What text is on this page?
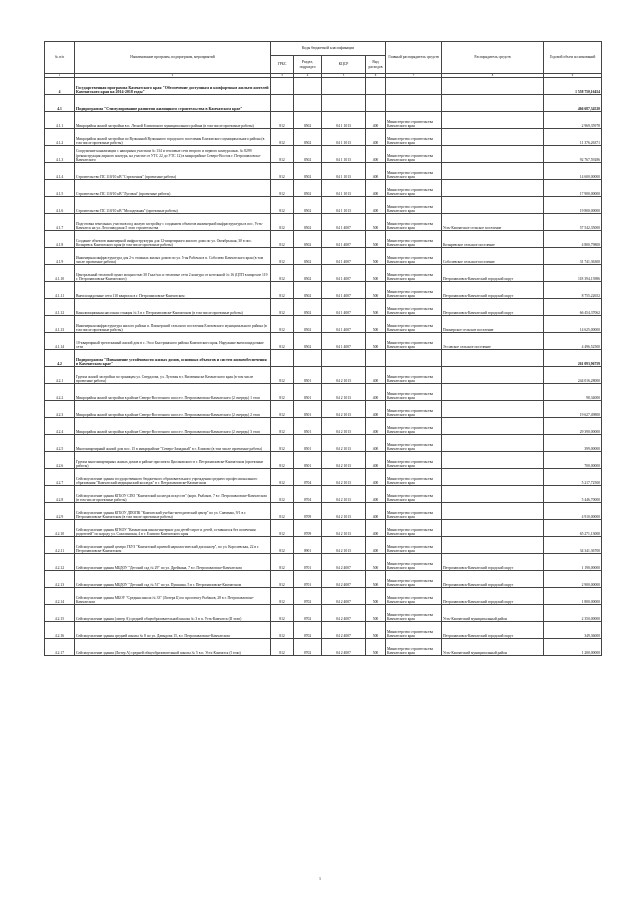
№ п/п	Наименование программ, подпрограмм, мероприятий	Коды бюджетной классификации				Главный распорядитель средств	Распорядитель средств	Годовой объем ассигнований
		ГРБС	Раздел, подраздел	КЦСР	Вид расходов			
1	2	3	4	5	6	7	8	9
4	Государственная программа Камчатского края "Обеспечение доступным и комфортным жильем жителей Камчатского края на 2014-2018 годы"							1 558 750,16454
4.1	Подпрограмма "Стимулирование развития жилищного строительства в Камчатском крае"							466 687,34520
4.1.1	Микрорайон жилой застройки в п. Лесной Елизовского муниципального района (в том числе проектные работы)	812	0502	04 1 1013	400	Министерство строительства Камчатского края		2 969,35978
4.1.2	Микрорайон жилой застройки по Вулканной Вулканного городского поселения Елизовского муниципального района (в том числе проектные работы)	812	0502	04 1 1013	400	Министерство строительства Камчатского края		11 376,26371
4.1.3	Сооружение канализации с напорным участком № 134 и тепловые сети второго и первого контура инж. № 8299 (реконструкция лирного контура, на участке от УТС 22 до УТС 12) в микрорайоне Северо-Восток г. Петропавловска-Камчатского	812	0502	04 1 1013	400	Министерство строительства Камчатского края		92 767,59286
4.1.4	Строительство ПС 110/10 кВ "Стрелочная" (проектные работы)	812	0502	04 1 1013	400	Министерство строительства Камчатского края		14 600,00000
4.1.5	Строительство ПС 110/10 кВ "Луговая" (проектные работы)	812	0502	04 1 1013	400	Министерство строительства Камчатского края		17 900,00000
4.1.6	Строительство ПС 110/10 кВ "Молодежная" (проектные работы)	812	0502	04 1 1013	400	Министерство строительства Камчатского края		19 800,00000
4.1.7	Подготовка земельных участков под жилую застройку с созданием объектов инженерной инфраструктуры в пос. Усть-Камчатск на ул. Лесозаводская 5 этап строительства	812	0502	04 1 4007	500	Министерство строительства Камчатского края	Усть-Камчатское сельское поселение	57 542,35000
4.1.8	Создание объектов инженерной инфраструктуры для 12-квартирного жилого дома по ул. Октябрьская, 30 в пос. Козыревск Камчатского края (в том числе проектные работы)	812	0502	04 1 4007	500	Министерство строительства Камчатского края	Козыревское сельское поселение	4 800,79800
4.1.9	Инженерная инфраструктура для 2-х этажных жилых домов по ул. 5-ая Рабочая в п. Соболево Камчатского края (в том числе проектные работы)	812	0502	04 1 4007	500	Министерство строительства Камчатского края	Соболевское сельское поселение	31 741,36300
4.1.10	Центральный тепловой пункт мощностью 30 Гкал/час и тепловые сети 2 контура от котельной № 16 (ЦТП в квартале 119 г. Петропавловска-Камчатского)	812	0502	04 1 4007	500	Министерство строительства Камчатского края	Петропавловск-Камчатский городской округ	118 394,13986
4.1.11	Внеплощадочные сети 110 квартала в г. Петропавловске-Камчатском	812	0502	04 1 4007	500	Министерство строительства Камчатского края	Петропавловск-Камчатский городской округ	8 755,22652
4.1.12	Канализационная насосная станция № 3 в г. Петропавловске-Камчатском (в том числе проектные работы)	812	0502	04 1 4007	500	Министерство строительства Камчатского края	Петропавловск-Камчатский городской округ	66 454,37062
4.1.13	Инженерная инфраструктура жилого района п. Пионерский сельского поселения Елизовского муниципального района (в том числе проектные работы)	812	0502	04 1 4007	500	Министерство строительства Камчатского края	Пионерское сельское поселение	14 625,00000
4.1.14	10-квартирный трехэтажный жилой дом в с. Эссо Быстринского района Камчатского края. Наружные внеплощадочные сети	812	0502	04 1 4007	500	Министерство строительства Камчатского края	Эссовское сельское поселение	4 496,52500
4.2	Подпрограмма "Повышение устойчивости жилых домов, основных объектов и систем жизнеобеспечения в Камчатском крае"							261 093,96759
4.2.1	Группа жилой застройки по границам ул. Свердлова, ул. Луговая в г. Вилючинске Камчатского края (в том числе проектные работы)	812	0501	04 2 1013	400	Министерство строительства Камчатского края		244 016,28000
4.2.2	Микрорайон жилой застройки в районе Северо-Восточного шоссе г. Петропавловска-Камчатского (2 очередь) 1 этап	812	0501	04 2 1013	400	Министерство строительства Камчатского края		98,34000
4.2.3	Микрорайон жилой застройки в районе Северо-Восточного шоссе г. Петропавловска-Камчатского (2 очередь) 2 этап	812	0501	04 2 1013	400	Министерство строительства Камчатского края		19 627,49800
4.2.4	Микрорайон жилой застройки в районе Северо-Восточного шоссе г. Петропавловска-Камчатского (2 очередь) 3 этап	812	0501	04 2 1013	400	Министерство строительства Камчатского края		29 390,00000
4.2.5	Многоквартирный жилой дом пос. 15 в микрорайоне "Северо-Западный" в г. Елизово (в том числе проектные работы)	812	0501	04 2 1013	400	Министерство строительства Камчатского края		399,00000
4.2.6	Группа многоквартирных жилых домов в районе проспекта Циолковского в г. Петропавловске-Камчатском (проектные работы)	812	0501	04 2 1013	400	Министерство строительства Камчатского края		700,00000
4.2.7	Сейсмоусиление здания государственного бюджетного образовательного учреждения среднего профессионального образования "Камчатский медицинский колледж" в г. Петропавловске-Камчатском	812	0704	04 2 1013	400	Министерство строительства Камчатского края		5 217,72500
4.2.8	Сейсмоусиление здания КГБОУ СПО "Камчатский колледж искусств" (корп. Рыбаков, 7 в г. Петропавловске-Камчатском (в том числе проектные работы)	812	0704	04 2 1013	400	Министерство строительства Камчатского края		5 446,70000
4.2.9	Сейсмоусиление здания КГБОУ ДПОПК "Камчатский учебно-методический центр" по ул. Савченко, 9/1 в г. Петропавловске-Камчатском (в том числе проектные работы)	812	0709	04 2 1013	400	Министерство строительства Камчатского края		4 910,00000
4.2.10	Сейсмоусиление здания КГКОУ "Камчатская школа-интернат для детей-сирот и детей, оставшихся без попечения родителей" по народу ул. Сахалинская, 4 в г. Елизово Камчатского края	812	0709	04 2 1013	400	Министерство строительства Камчатского края		65 271,13000
4.2.11	Сейсмоусиление зданий центра ГБУЗ "Камчатский краевой наркологический диспансер", по ул. Королевская, 22 в г. Петропавловске-Камчатском	812	0901	04 2 1013	400	Министерство строительства Камчатского края		34 341,36700
4.2.12	Сейсмоусиление здания МБДОУ "Детский сад № 29" по ул. Дрейкина, 7 в г. Петропавловске-Камчатском	812	0701	04 2 4007	500	Министерство строительства Камчатского края	Петропавловск-Камчатский городской округ	1 190,00000
4.2.13	Сейсмоусиление здания МБДОУ "Детский сад № 51" по ул. Пушкина, 5 в г. Петропавловске-Камчатском	812	0701	04 2 4007	500	Министерство строительства Камчатского края	Петропавловск-Камчатский городской округ	2 900,00000
4.2.14	Сейсмоусиление здания МБОУ "Средняя школа № 33" (Литера Б) по проспекту Рыбаков, 28 в г. Петропавловске-Камчатском	812	0702	04 2 4007	500	Министерство строительства Камчатского края	Петропавловск-Камчатский городской округ	1 800,00000
4.2.15	Сейсмоусиление здания (литер А) средней общеобразовательной школы № 3 в п. Усть-Камчатск (II этап)	812	0702	04 2 4007	500	Министерство строительства Камчатского края	Усть-Камчатский муниципальный район	2 350,00000
4.2.16	Сейсмоусиление здания средней школы № 8 по ул. Давыдова 15, в г. Петропавловске-Камчатском	812	0702	04 2 4007	500	Министерство строительства Камчатского края	Петропавловск-Камчатский городской округ	349,36000
4.2.17	Сейсмоусиление здания (Литер А) средней общеобразовательной школы № 5 в п. Усть-Камчатск (I этап)	812	0702	04 2 4007	500	Министерство строительства Камчатского края	Усть-Камчатский муниципальный район	1 200,00000
1
